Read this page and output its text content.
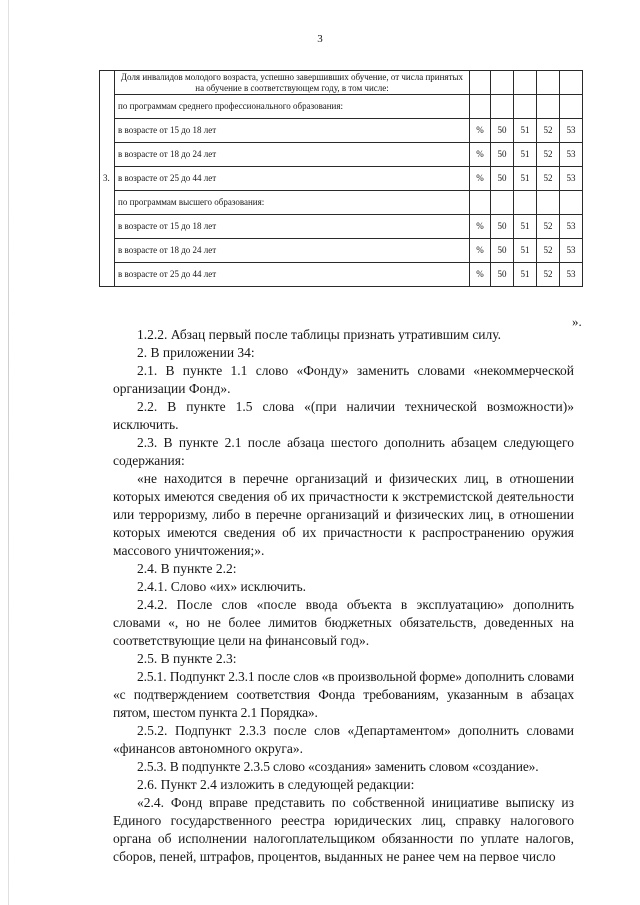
3
3.	Доля инвалидов молодого возраста, успешно завершивших обучение, от числа принятых на обучение в соответствующем году, в том числе:					
	по программам среднего профессионального образования:					
	в возрасте от 15 до 18 лет	%	50	51	52	53
	в возрасте от 18 до 24 лет	%	50	51	52	53
	в возрасте от 25 до 44 лет	%	50	51	52	53
	по программам высшего образования:					
	в возрасте от 15 до 18 лет	%	50	51	52	53
	в возрасте от 18 до 24 лет	%	50	51	52	53
	в возрасте от 25 до 44 лет	%	50	51	52	53
».

1.2.2. Абзац первый после таблицы признать утратившим силу.

2. В приложении 34:

2.1. В пункте 1.1 слово «Фонду» заменить словами «некоммерческой организации Фонд».

2.2. В пункте 1.5 слова «(при наличии технической возможности)» исключить.

2.3. В пункте 2.1 после абзаца шестого дополнить абзацем следующего содержания:

«не находится в перечне организаций и физических лиц, в отношении которых имеются сведения об их причастности к экстремистской деятельности или терроризму, либо в перечне организаций и физических лиц, в отношении которых имеются сведения об их причастности к распространению оружия массового уничтожения;».

2.4. В пункте 2.2:

2.4.1. Слово «их» исключить.

2.4.2. После слов «после ввода объекта в эксплуатацию» дополнить словами «, но не более лимитов бюджетных обязательств, доведенных на соответствующие цели на финансовый год».

2.5. В пункте 2.3:

2.5.1. Подпункт 2.3.1 после слов «в произвольной форме» дополнить словами «с подтверждением соответствия Фонда требованиям, указанным в абзацах пятом, шестом пункта 2.1 Порядка».

2.5.2. Подпункт 2.3.3 после слов «Департаментом» дополнить словами «финансов автономного округа».

2.5.3. В подпункте 2.3.5 слово «создания» заменить словом «создание».

2.6. Пункт 2.4 изложить в следующей редакции:

«2.4. Фонд вправе представить по собственной инициативе выписку из Единого государственного реестра юридических лиц, справку налогового органа об исполнении налогоплательщиком обязанности по уплате налогов, сборов, пеней, штрафов, процентов, выданных не ранее чем на первое число
